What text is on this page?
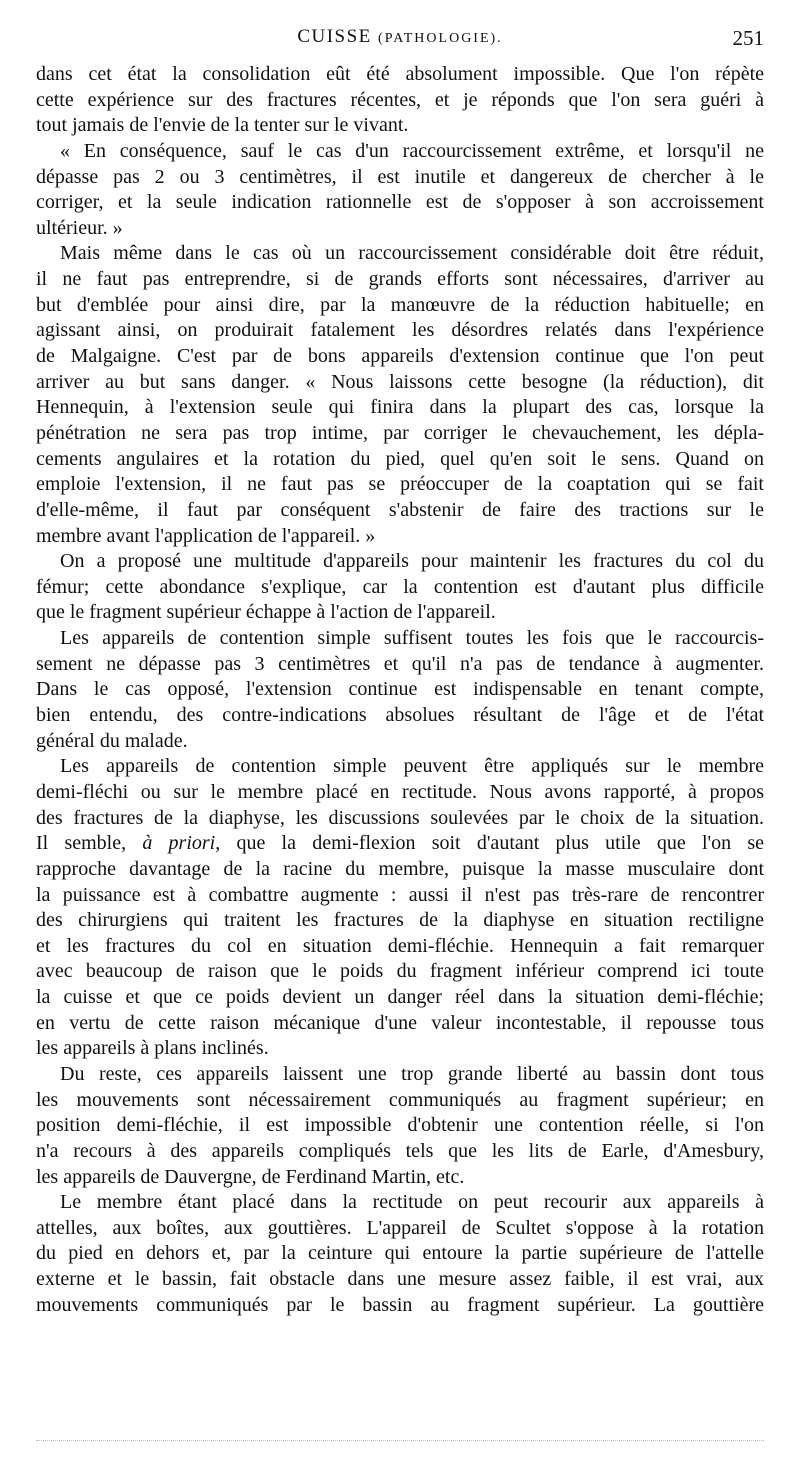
CUISSE (PATHOLOGIE).	251
dans cet état la consolidation eût été absolument impossible. Que l'on répète
cette expérience sur des fractures récentes, et je réponds que l'on sera guéri à
tout jamais de l'envie de la tenter sur le vivant.
« En conséquence, sauf le cas d'un raccourcissement extrême, et lorsqu'il ne
dépasse pas 2 ou 3 centimètres, il est inutile et dangereux de chercher à le
corriger, et la seule indication rationnelle est de s'opposer à son accroissement
ultérieur. »
Mais même dans le cas où un raccourcissement considérable doit être réduit,
il ne faut pas entreprendre, si de grands efforts sont nécessaires, d'arriver au
but d'emblée pour ainsi dire, par la manœuvre de la réduction habituelle; en
agissant ainsi, on produirait fatalement les désordres relatés dans l'expérience
de Malgaigne. C'est par de bons appareils d'extension continue que l'on peut
arriver au but sans danger. « Nous laissons cette besogne (la réduction), dit
Hennequin, à l'extension seule qui finira dans la plupart des cas, lorsque la
pénétration ne sera pas trop intime, par corriger le chevauchement, les dépla-
cements angulaires et la rotation du pied, quel qu'en soit le sens. Quand on
emploie l'extension, il ne faut pas se préoccuper de la coaptation qui se fait
d'elle-même, il faut par conséquent s'abstenir de faire des tractions sur le
membre avant l'application de l'appareil. »
On a proposé une multitude d'appareils pour maintenir les fractures du col du
fémur; cette abondance s'explique, car la contention est d'autant plus difficile
que le fragment supérieur échappe à l'action de l'appareil.
Les appareils de contention simple suffisent toutes les fois que le raccourcis-
sement ne dépasse pas 3 centimètres et qu'il n'a pas de tendance à augmenter.
Dans le cas opposé, l'extension continue est indispensable en tenant compte,
bien entendu, des contre-indications absolues résultant de l'âge et de l'état
général du malade.
Les appareils de contention simple peuvent être appliqués sur le membre
demi-fléchi ou sur le membre placé en rectitude. Nous avons rapporté, à propos
des fractures de la diaphyse, les discussions soulevées par le choix de la situation.
Il semble, à priori, que la demi-flexion soit d'autant plus utile que l'on se
rapproche davantage de la racine du membre, puisque la masse musculaire dont
la puissance est à combattre augmente : aussi il n'est pas très-rare de rencontrer
des chirurgiens qui traitent les fractures de la diaphyse en situation rectiligne
et les fractures du col en situation demi-fléchie. Hennequin a fait remarquer
avec beaucoup de raison que le poids du fragment inférieur comprend ici toute
la cuisse et que ce poids devient un danger réel dans la situation demi-fléchie;
en vertu de cette raison mécanique d'une valeur incontestable, il repousse tous
les appareils à plans inclinés.
Du reste, ces appareils laissent une trop grande liberté au bassin dont tous
les mouvements sont nécessairement communiqués au fragment supérieur; en
position demi-fléchie, il est impossible d'obtenir une contention réelle, si l'on
n'a recours à des appareils compliqués tels que les lits de Earle, d'Amesbury,
les appareils de Dauvergne, de Ferdinand Martin, etc.
Le membre étant placé dans la rectitude on peut recourir aux appareils à
attelles, aux boîtes, aux gouttières. L'appareil de Scultet s'oppose à la rotation
du pied en dehors et, par la ceinture qui entoure la partie supérieure de l'attelle
externe et le bassin, fait obstacle dans une mesure assez faible, il est vrai, aux
mouvements communiqués par le bassin au fragment supérieur. La gouttière
